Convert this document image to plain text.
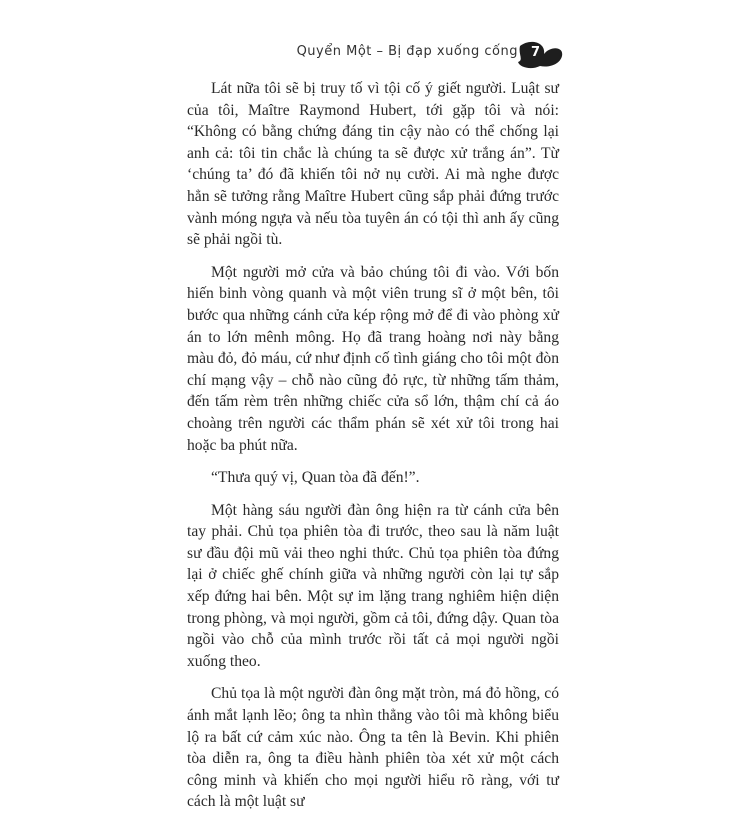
Quyển Một – Bị đạp xuống cống 7

Lát nữa tôi sẽ bị truy tố vì tội cố ý giết người. Luật sư của tôi, Maître Raymond Hubert, tới gặp tôi và nói: “Không có bằng chứng đáng tin cậy nào có thể chống lại anh cả: tôi tin chắc là chúng ta sẽ được xử trắng án”. Từ ‘chúng ta’ đó đã khiến tôi nở nụ cười. Ai mà nghe được hẳn sẽ tưởng rằng Maître Hubert cũng sắp phải đứng trước vành móng ngựa và nếu tòa tuyên án có tội thì anh ấy cũng sẽ phải ngồi tù.

Một người mở cửa và bảo chúng tôi đi vào. Với bốn hiến binh vòng quanh và một viên trung sĩ ở một bên, tôi bước qua những cánh cửa kép rộng mở để đi vào phòng xử án to lớn mênh mông. Họ đã trang hoàng nơi này bằng màu đỏ, đỏ máu, cứ như định cố tình giáng cho tôi một đòn chí mạng vậy – chỗ nào cũng đỏ rực, từ những tấm thảm, đến tấm rèm trên những chiếc cửa sổ lớn, thậm chí cả áo choàng trên người các thẩm phán sẽ xét xử tôi trong hai hoặc ba phút nữa.

“Thưa quý vị, Quan tòa đã đến!”.

Một hàng sáu người đàn ông hiện ra từ cánh cửa bên tay phải. Chủ tọa phiên tòa đi trước, theo sau là năm luật sư đầu đội mũ vải theo nghi thức. Chủ tọa phiên tòa đứng lại ở chiếc ghế chính giữa và những người còn lại tự sắp xếp đứng hai bên. Một sự im lặng trang nghiêm hiện diện trong phòng, và mọi người, gồm cả tôi, đứng dậy. Quan tòa ngồi vào chỗ của mình trước rồi tất cả mọi người ngồi xuống theo.

Chủ tọa là một người đàn ông mặt tròn, má đỏ hồng, có ánh mắt lạnh lẽo; ông ta nhìn thẳng vào tôi mà không biểu lộ ra bất cứ cảm xúc nào. Ông ta tên là Bevin. Khi phiên tòa diễn ra, ông ta điều hành phiên tòa xét xử một cách công minh và khiến cho mọi người hiểu rõ ràng, với tư cách là một luật sư
